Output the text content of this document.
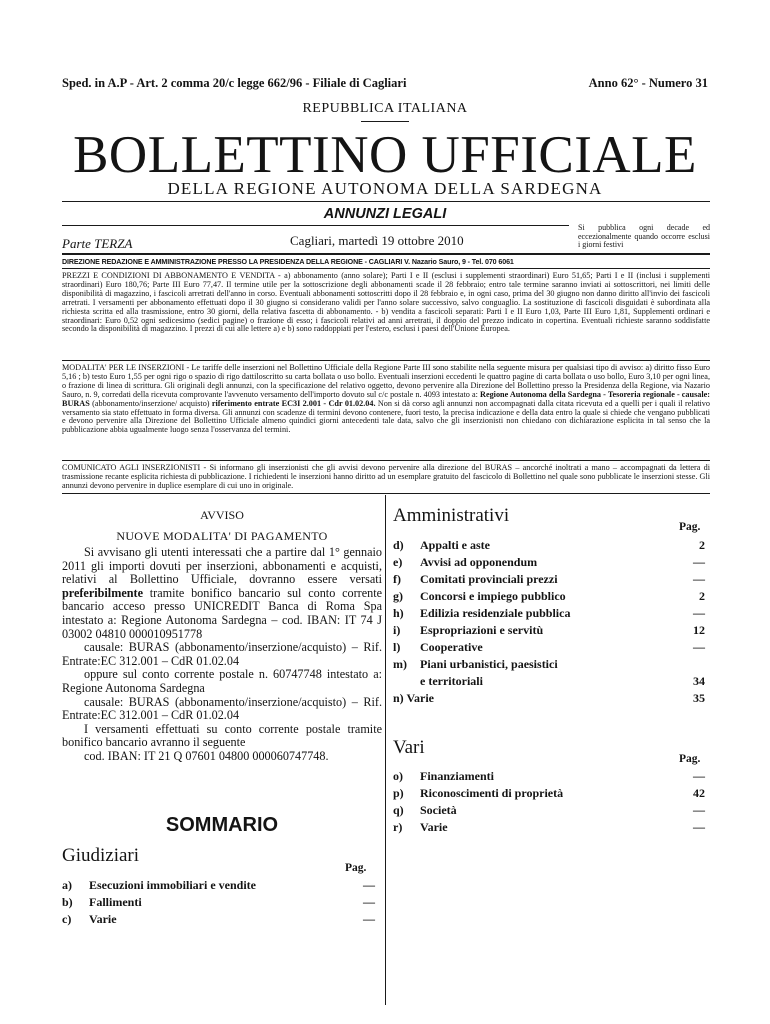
Sped. in A.P - Art. 2 comma 20/c legge 662/96 - Filiale di Cagliari	Anno 62° - Numero 31
REPUBBLICA ITALIANA
BOLLETTINO UFFICIALE
DELLA REGIONE AUTONOMA DELLA SARDEGNA
ANNUNZI LEGALI
Parte TERZA	Cagliari, martedì 19 ottobre 2010
Si pubblica ogni decade ed eccezionalmente quando occorre esclusi i giorni festivi
DIREZIONE REDAZIONE E AMMINISTRAZIONE PRESSO LA PRESIDENZA DELLA REGIONE - CAGLIARI V. Nazario Sauro, 9 - Tel. 070 6061
PREZZI E CONDIZIONI DI ABBONAMENTO E VENDITA - a) abbonamento (anno solare); Parti I e II (esclusi i supplementi straordinari) Euro 51,65; Parti I e II (inclusi i supplementi straordinari) Euro 180,76; Parte III Euro 77,47. Il termine utile per la sottoscrizione degli abbonamenti scade il 28 febbraio; entro tale termine saranno inviati ai sottoscrittori, nei limiti delle disponibilità di magazzino, i fascicoli arretrati dell'anno in corso. Eventuali abbonamenti sottoscritti dopo il 28 febbraio e, in ogni caso, prima del 30 giugno non danno diritto all'invio dei fascicoli arretrati. I versamenti per abbonamento effettuati dopo il 30 giugno si considerano validi per l'anno solare successivo, salvo conguaglio. La sostituzione di fascicoli disguidati è subordinata alla richiesta scritta ed alla trasmissione, entro 30 giorni, della relativa fascetta di abbonamento. - b) vendita a fascicoli separati: Parti I e II Euro 1,03, Parte III Euro 1,81, Supplementi ordinari e straordinari: Euro 0,52 ogni sedicesimo (sedici pagine) o frazione di esso; i fascicoli relativi ad anni arretrati, il doppio del prezzo indicato in copertina. Eventuali richieste saranno soddisfatte secondo la disponibilità di magazzino. I prezzi di cui alle lettere a) e b) sono raddoppiati per l'estero, esclusi i paesi dell'Unione Europea.
MODALITA' PER LE INSERZIONI - Le tariffe delle inserzioni nel Bollettino Ufficiale della Regione Parte III sono stabilite nella seguente misura per qualsiasi tipo di avviso: a) diritto fisso Euro 5,16 ; b) testo Euro 1,55 per ogni rigo o spazio di rigo dattiloscritto su carta bollata o uso bollo. Eventuali inserzioni eccedenti le quattro pagine di carta bollata o uso bollo, Euro 3,10 per ogni linea, o frazione di linea di scrittura. Gli originali degli annunzi, con la specificazione del relativo oggetto, devono pervenire alla Direzione del Bollettino presso la Presidenza della Regione, via Nazario Sauro, n. 9, corredati della ricevuta comprovante l'avvenuto versamento dell'importo dovuto sul c/c postale n. 4093 intestato a: Regione Autonoma della Sardegna - Tesoreria regionale - causale: BURAS (abbonamento/inserzione/ acquisto) riferimento entrate EC3I 2.001 - Cdr 01.02.04. Non si dà corso agli annunzi non accompagnati dalla citata ricevuta ed a quelli per i quali il relativo versamento sia stato effettuato in forma diversa. Gli annunzi con scadenze di termini devono contenere, fuori testo, la precisa indicazione e della data entro la quale si chiede che vengano pubblicati e devono pervenire alla Direzione del Bollettino Ufficiale almeno quindici giorni antecedenti tale data, salvo che gli inserzionisti non chiedano con dichiarazione esplicita in tal senso che la pubblicazione abbia ugualmente luogo senza l'osservanza del termini.
COMUNICATO AGLI INSERZIONISTI - Si informano gli inserzionisti che gli avvisi devono pervenire alla direzione del BURAS – ancorché inoltrati a mano – accompagnati da lettera di trasmissione recante esplicita richiesta di pubblicazione. I richiedenti le inserzioni hanno diritto ad un esemplare gratuito del fascicolo di Bollettino nel quale sono pubblicate le inserzioni stesse. Gli annunzi devono pervenire in duplice esemplare di cui uno in originale.
AVVISO
NUOVE MODALITA' DI PAGAMENTO

Si avvisano gli utenti interessati che a partire dal 1° gennaio 2011 gli importi dovuti per inserzioni, abbonamenti e acquisti, relativi al Bollettino Ufficiale, dovranno essere versati preferibilmente tramite bonifico bancario sul conto corrente bancario acceso presso UNICREDIT Banca di Roma Spa intestato a: Regione Autonoma Sardegna – cod. IBAN: IT 74 J 03002 04810 000010951778

causale: BURAS (abbonamento/inserzione/acquisto) – Rif. Entrate:EC 312.001 – CdR 01.02.04

oppure sul conto corrente postale n. 60747748 intestato a: Regione Autonoma Sardegna

causale: BURAS (abbonamento/inserzione/acquisto) – Rif. Entrate:EC 312.001 – CdR 01.02.04

I versamenti effettuati su conto corrente postale tramite bonifico bancario avranno il seguente

cod. IBAN: IT 21 Q 07601 04800 000060747748.

SOMMARIO
Giudiziari
Pag.
a) Esecuzioni immobiliari e vendite	—
b) Fallimenti	—
c) Varie	—
Amministrativi
Pag.
d) Appalti e aste	2
e) Avvisi ad opponendum	—
f) Comitati provinciali prezzi	—
g) Concorsi e impiego pubblico	2
h) Edilizia residenziale pubblica	—
i) Espropriazioni e servitù	12
l) Cooperative	—
m) Piani urbanistici, paesistici
e territoriali	34
n) Varie	35
Vari
Pag.
o) Finanziamenti	—
p) Riconoscimenti di proprietà	42
q) Società	—
r) Varie	—
